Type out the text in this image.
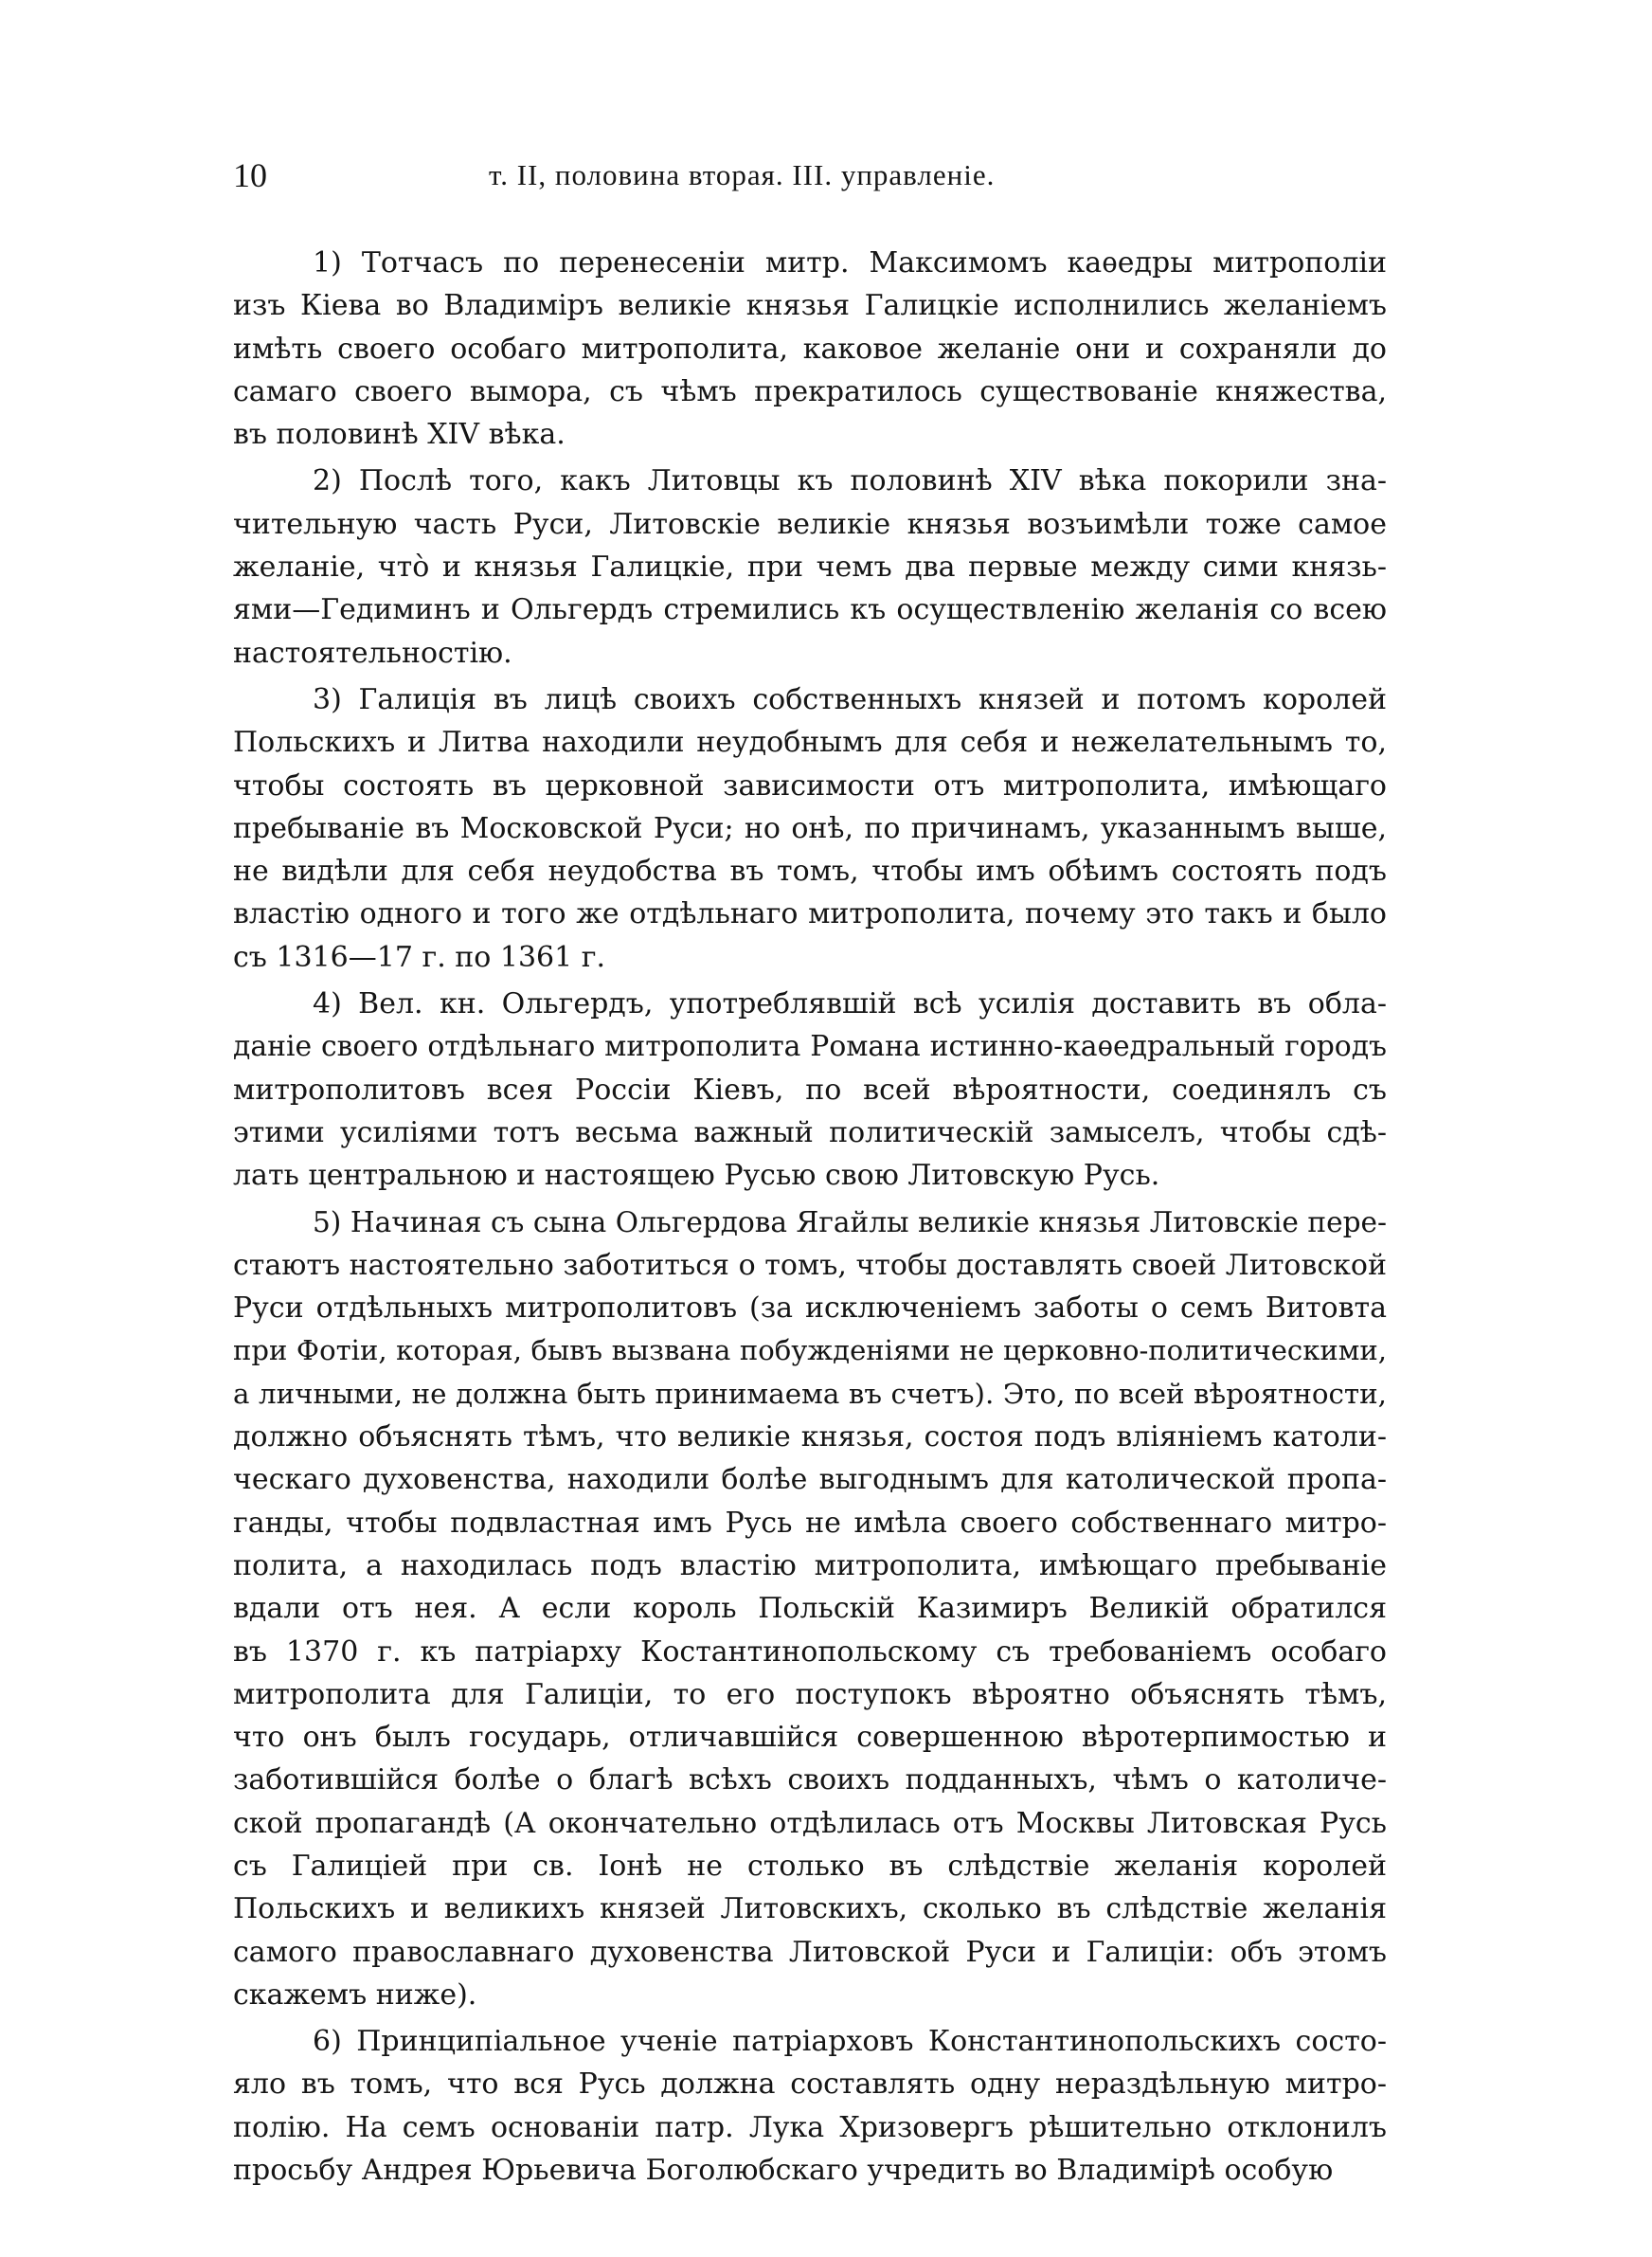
10	т. II, половина вторая. III. управленіе.
1) Тотчасъ по перенесеніи митр. Максимомъ каѳедры митрополіи
изъ Кіева во Владиміръ великіе князья Галицкіе исполнились желаніемъ
имѣть своего особаго митрополита, каковое желаніе они и сохраняли до
самаго своего вымора, съ чѣмъ прекратилось существованіе княжества,
въ половинѣ XIV вѣка.
2) Послѣ того, какъ Литовцы къ половинѣ XIV вѣка покорили зна-
чительную часть Руси, Литовскіе великіе князья возъимѣли тоже самое
желаніе, что̀ и князья Галицкіе, при чемъ два первые между сими князь-
ями—Гедиминъ и Ольгердъ стремились къ осуществленію желанія со всею
настоятельностію.
3) Галиція въ лицѣ своихъ собственныхъ князей и потомъ королей
Польскихъ и Литва находили неудобнымъ для себя и нежелательнымъ то,
чтобы состоять въ церковной зависимости отъ митрополита, имѣющаго
пребываніе въ Московской Руси; но онѣ, по причинамъ, указаннымъ выше,
не видѣли для себя неудобства въ томъ, чтобы имъ обѣимъ состоять подъ
властію одного и того же отдѣльнаго митрополита, почему это такъ и было
съ 1316—17 г. по 1361 г.
4) Вел. кн. Ольгердъ, употреблявшій всѣ усилія доставить въ обла-
даніе своего отдѣльнаго митрополита Романа истинно-каѳедральный городъ
митрополитовъ всея Россіи Кіевъ, по всей вѣроятности, соединялъ съ
этими усиліями тотъ весьма важный политическій замыселъ, чтобы сдѣ-
лать центральною и настоящею Русью свою Литовскую Русь.
5) Начиная съ сына Ольгердова Ягайлы великіе князья Литовскіе пере-
стаютъ настоятельно заботиться о томъ, чтобы доставлять своей Литовской
Руси отдѣльныхъ митрополитовъ (за исключеніемъ заботы о семъ Витовта
при Фотіи, которая, бывъ вызвана побужденіями не церковно-политическими,
а личными, не должна быть принимаема въ счетъ). Это, по всей вѣроятности,
должно объяснять тѣмъ, что великіе князья, состоя подъ вліяніемъ католи-
ческаго духовенства, находили болѣе выгоднымъ для католической пропа-
ганды, чтобы подвластная имъ Русь не имѣла своего собственнаго митро-
полита, а находилась подъ властію митрополита, имѣющаго пребываніе
вдали отъ нея. А если король Польскій Казимиръ Великій обратился
въ 1370 г. къ патріарху Костантинопольскому съ требованіемъ особаго
митрополита для Галиціи, то его поступокъ вѣроятно объяснять тѣмъ,
что онъ былъ государь, отличавшійся совершенною вѣротерпимостью и
заботившійся болѣе о благѣ всѣхъ своихъ подданныхъ, чѣмъ о католиче-
ской пропагандѣ (А окончательно отдѣлилась отъ Москвы Литовская Русь
съ Галиціей при св. Іонѣ не столько въ слѣдствіе желанія королей
Польскихъ и великихъ князей Литовскихъ, сколько въ слѣдствіе желанія
самого православнаго духовенства Литовской Руси и Галиціи: объ этомъ
скажемъ ниже).
6) Принципіальное ученіе патріарховъ Константинопольскихъ состо-
яло въ томъ, что вся Русь должна составлять одну нераздѣльную митро-
полію. На семъ основаніи патр. Лука Хризовергъ рѣшительно отклонилъ
просьбу Андрея Юрьевича Боголюбскаго учредить во Владимірѣ особую
